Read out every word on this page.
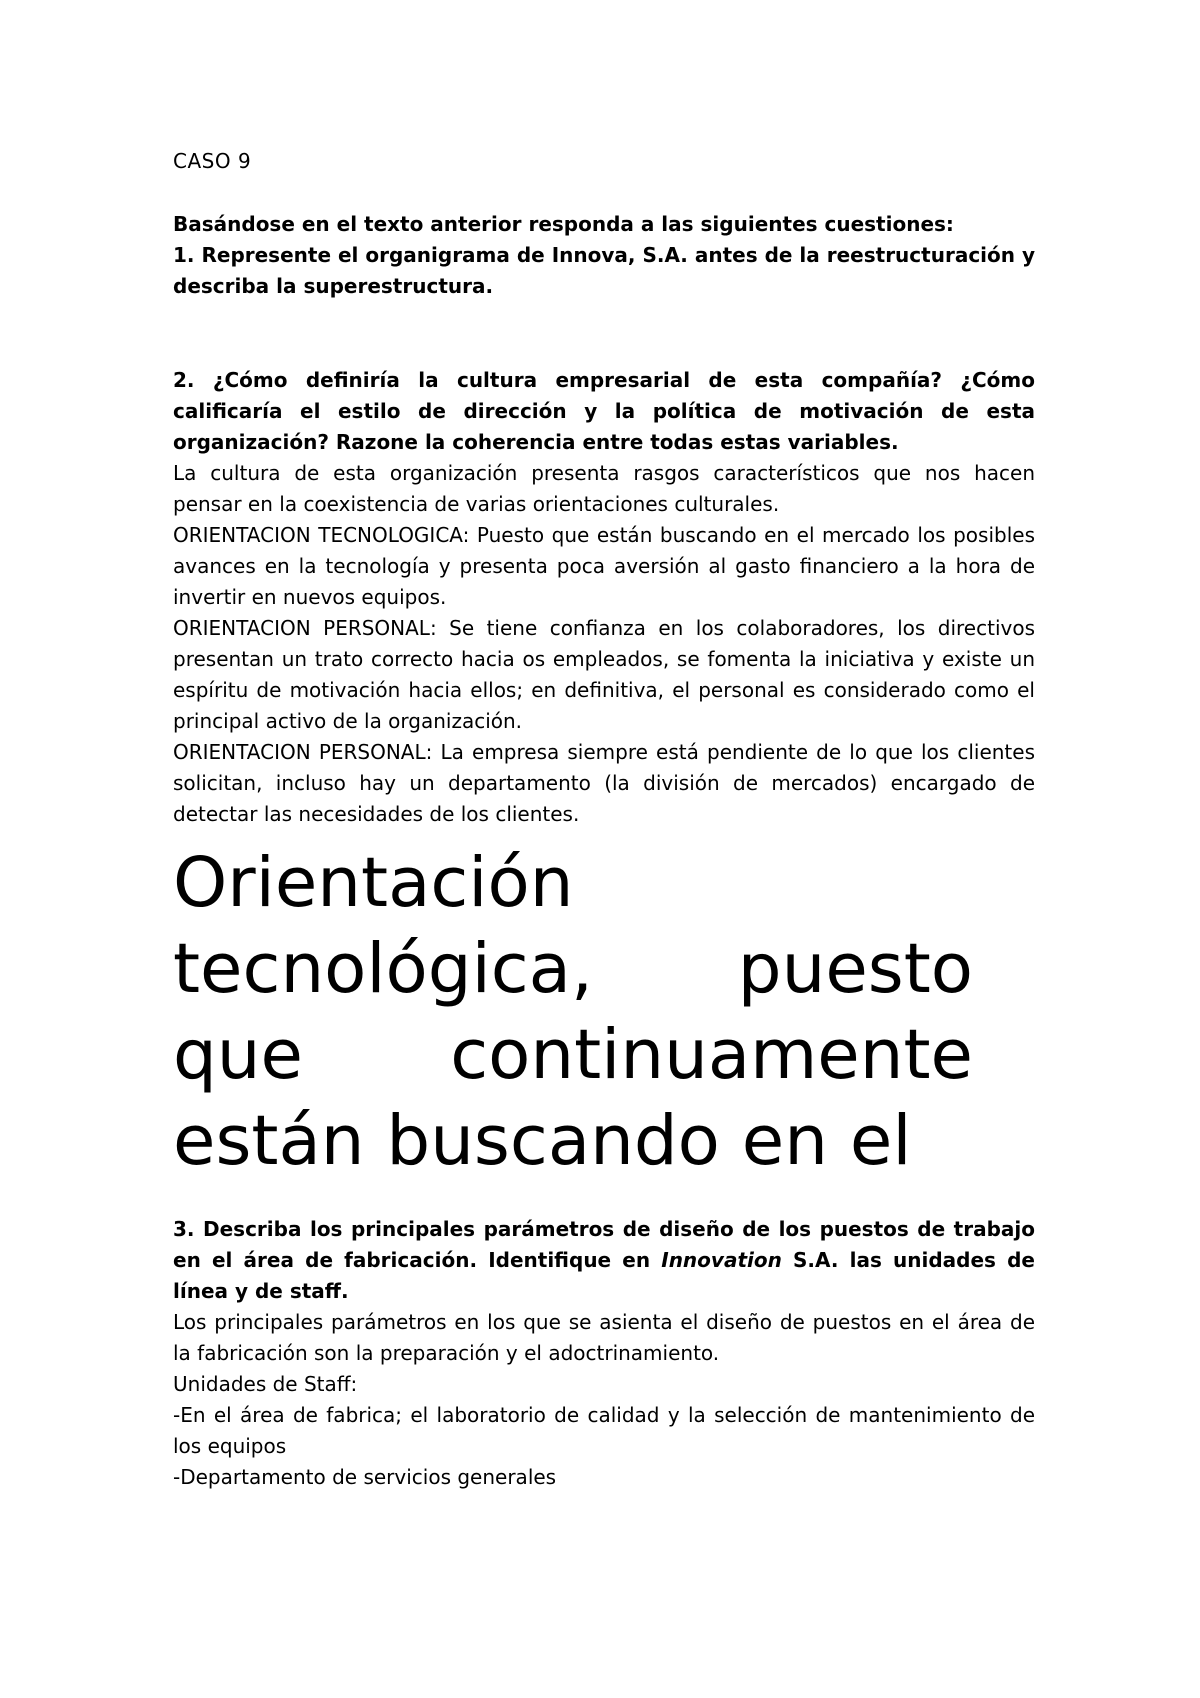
CASO 9

Basándose en el texto anterior responda a las siguientes cuestiones:

1. Represente el organigrama de Innova, S.A. antes de la reestructuración y describa la superestructura.

2. ¿Cómo definiría la cultura empresarial de esta compañía? ¿Cómo calificaría el estilo de dirección y la política de motivación de esta organización? Razone la coherencia entre todas estas variables.

La cultura de esta organización presenta rasgos característicos que nos hacen pensar en la coexistencia de varias orientaciones culturales.

ORIENTACION TECNOLOGICA: Puesto que están buscando en el mercado los posibles avances en la tecnología y presenta poca aversión al gasto financiero a la hora de invertir en nuevos equipos.

ORIENTACION PERSONAL: Se tiene confianza en los colaboradores, los directivos presentan un trato correcto hacia os empleados, se fomenta la iniciativa y existe un espíritu de motivación hacia ellos; en definitiva, el personal es considerado como el principal activo de la organización.

ORIENTACION PERSONAL: La empresa siempre está pendiente de lo que los clientes solicitan, incluso hay un departamento (la división de mercados) encargado de detectar las necesidades de los clientes.

Orientación tecnológica, puesto que continuamente están buscando en el

3. Describa los principales parámetros de diseño de los puestos de trabajo en el área de fabricación. Identifique en Innovation S.A. las unidades de línea y de staff.

Los principales parámetros en los que se asienta el diseño de puestos en el área de la fabricación son la preparación y el adoctrinamiento.

Unidades de Staff:

-En el área de fabrica; el laboratorio de calidad y la selección de mantenimiento de los equipos

-Departamento de servicios generales
